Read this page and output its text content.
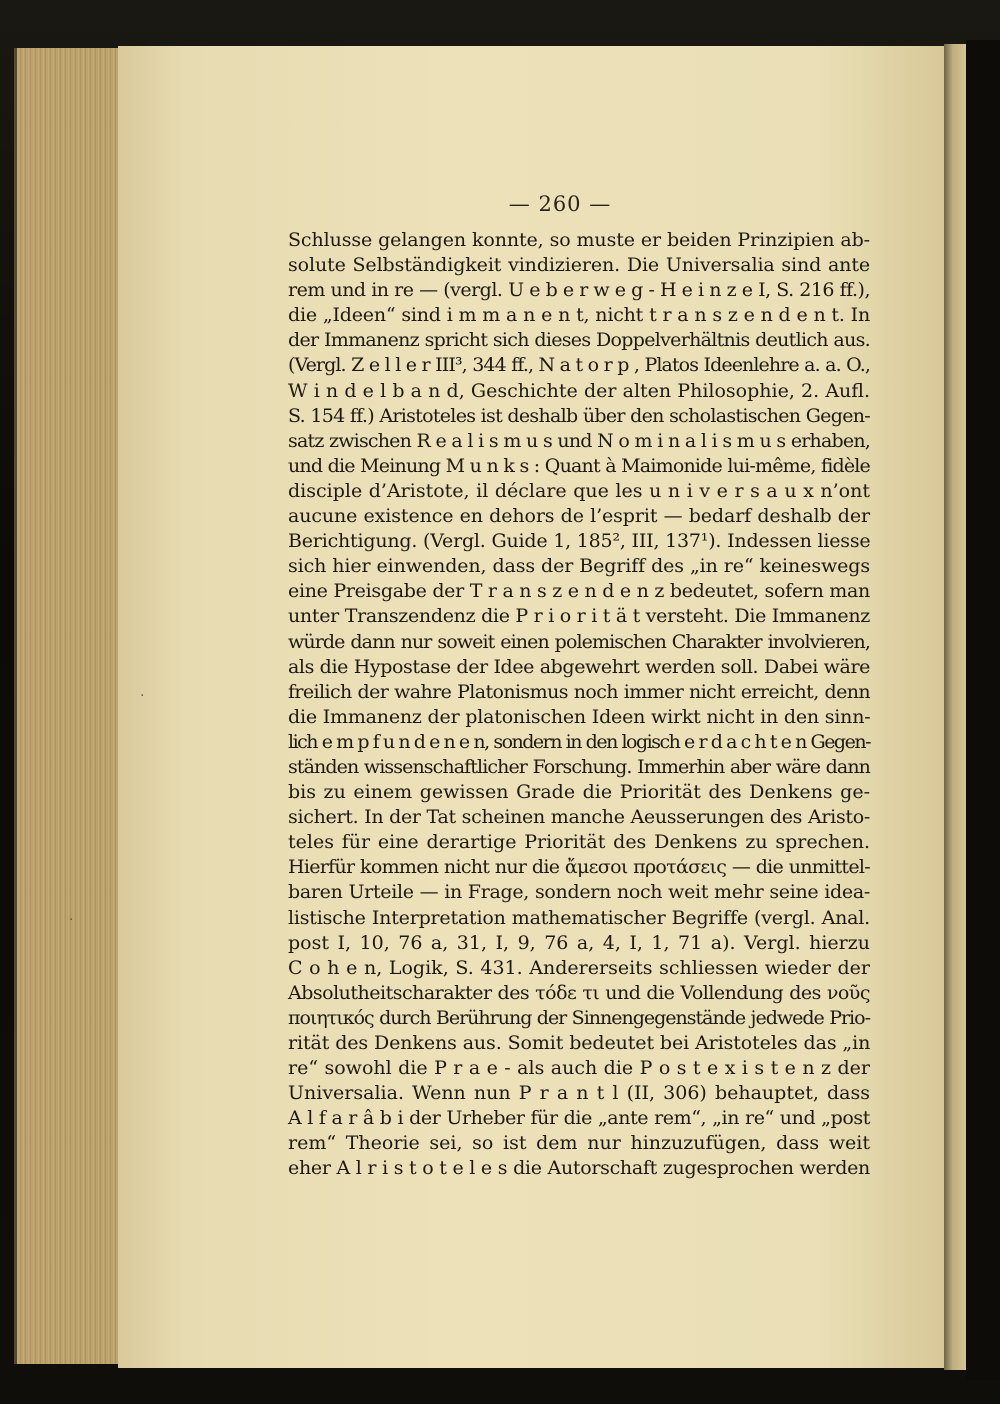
— 260 —
Schlusse gelangen konnte, so muste er beiden Prinzipien ab-
solute Selbständigkeit vindizieren. Die Universalia sind ante
rem und in re — (vergl. U e b e r w e g - H e i n z e I, S. 216 ff.),
die „Ideen“ sind i m m a n e n t, nicht t r a n s z e n d e n t. In
der Immanenz spricht sich dieses Doppelverhältnis deutlich aus.
(Vergl. Z e l l e r III³, 344 ff., N a t o r p , Platos Ideenlehre a. a. O.,
W i n d e l b a n d, Geschichte der alten Philosophie, 2. Aufl.
S. 154 ff.) Aristoteles ist deshalb über den scholastischen Gegen-
satz zwischen R e a l i s m u s und N o m i n a l i s m u s erhaben,
und die Meinung M u n k s : Quant à Maimonide lui-même, fidèle
disciple d’Aristote, il déclare que les u n i v e r s a u x n’ont
aucune existence en dehors de l’esprit — bedarf deshalb der
Berichtigung. (Vergl. Guide 1, 185², III, 137¹). Indessen liesse
sich hier einwenden, dass der Begriff des „in re“ keineswegs
eine Preisgabe der T r a n s z e n d e n z bedeutet, sofern man
unter Transzendenz die P r i o r i t ä t versteht. Die Immanenz
würde dann nur soweit einen polemischen Charakter involvieren,
als die Hypostase der Idee abgewehrt werden soll. Dabei wäre
freilich der wahre Platonismus noch immer nicht erreicht, denn
die Immanenz der platonischen Ideen wirkt nicht in den sinn-
lich e m p f u n d e n e n, sondern in den logisch e r d a c h t e n Gegen-
ständen wissenschaftlicher Forschung. Immerhin aber wäre dann
bis zu einem gewissen Grade die Priorität des Denkens ge-
sichert. In der Tat scheinen manche Aeusserungen des Aristo-
teles für eine derartige Priorität des Denkens zu sprechen.
Hierfür kommen nicht nur die ἄμεσοι προτάσεις — die unmittel-
baren Urteile — in Frage, sondern noch weit mehr seine idea-
listische Interpretation mathematischer Begriffe (vergl. Anal.
post I, 10, 76 a, 31, I, 9, 76 a, 4, I, 1, 71 a). Vergl. hierzu
C o h e n, Logik, S. 431. Andererseits schliessen wieder der
Absolutheitscharakter des τόδε τι und die Vollendung des νοῦς
ποιητικός durch Berührung der Sinnengegenstände jedwede Prio-
rität des Denkens aus. Somit bedeutet bei Aristoteles das „in
re“ sowohl die P r a e - als auch die P o s t e x i s t e n z der
Universalia. Wenn nun P r a n t l (II, 306) behauptet, dass
A l f a r â b i der Urheber für die „ante rem“, „in re“ und „post
rem“ Theorie sei, so ist dem nur hinzuzufügen, dass weit
eher A l r i s t o t e l e s die Autorschaft zugesprochen werden
·
·
